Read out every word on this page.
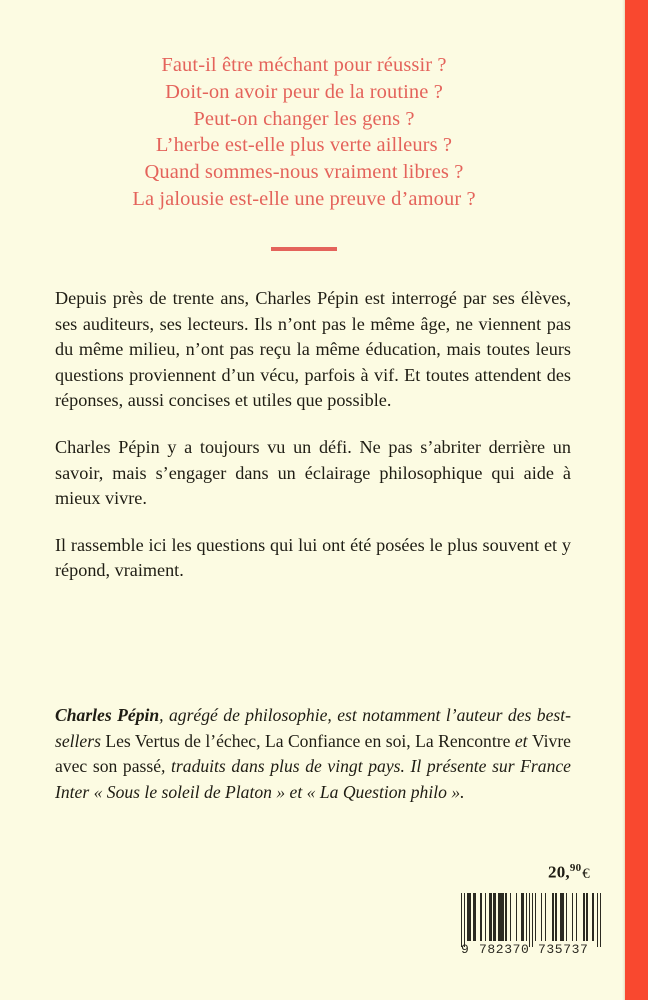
Faut-il être méchant pour réussir ?
Doit-on avoir peur de la routine ?
Peut-on changer les gens ?
L’herbe est-elle plus verte ailleurs ?
Quand sommes-nous vraiment libres ?
La jalousie est-elle une preuve d’amour ?

Depuis près de trente ans, Charles Pépin est interrogé par ses élèves, ses auditeurs, ses lecteurs. Ils n’ont pas le même âge, ne viennent pas du même milieu, n’ont pas reçu la même éducation, mais toutes leurs questions proviennent d’un vécu, parfois à vif. Et toutes attendent des réponses, aussi concises et utiles que possible.

Charles Pépin y a toujours vu un défi. Ne pas s’abriter derrière un savoir, mais s’engager dans un éclairage philosophique qui aide à mieux vivre.

Il rassemble ici les questions qui lui ont été posées le plus souvent et y répond, vraiment.

Charles Pépin, agrégé de philosophie, est notamment l’auteur des best-sellers Les Vertus de l’échec, La Confiance en soi, La Rencontre et Vivre avec son passé, traduits dans plus de vingt pays. Il présente sur France Inter « Sous le soleil de Platon » et « La Question philo ».
20,90€
9 782370 735737
